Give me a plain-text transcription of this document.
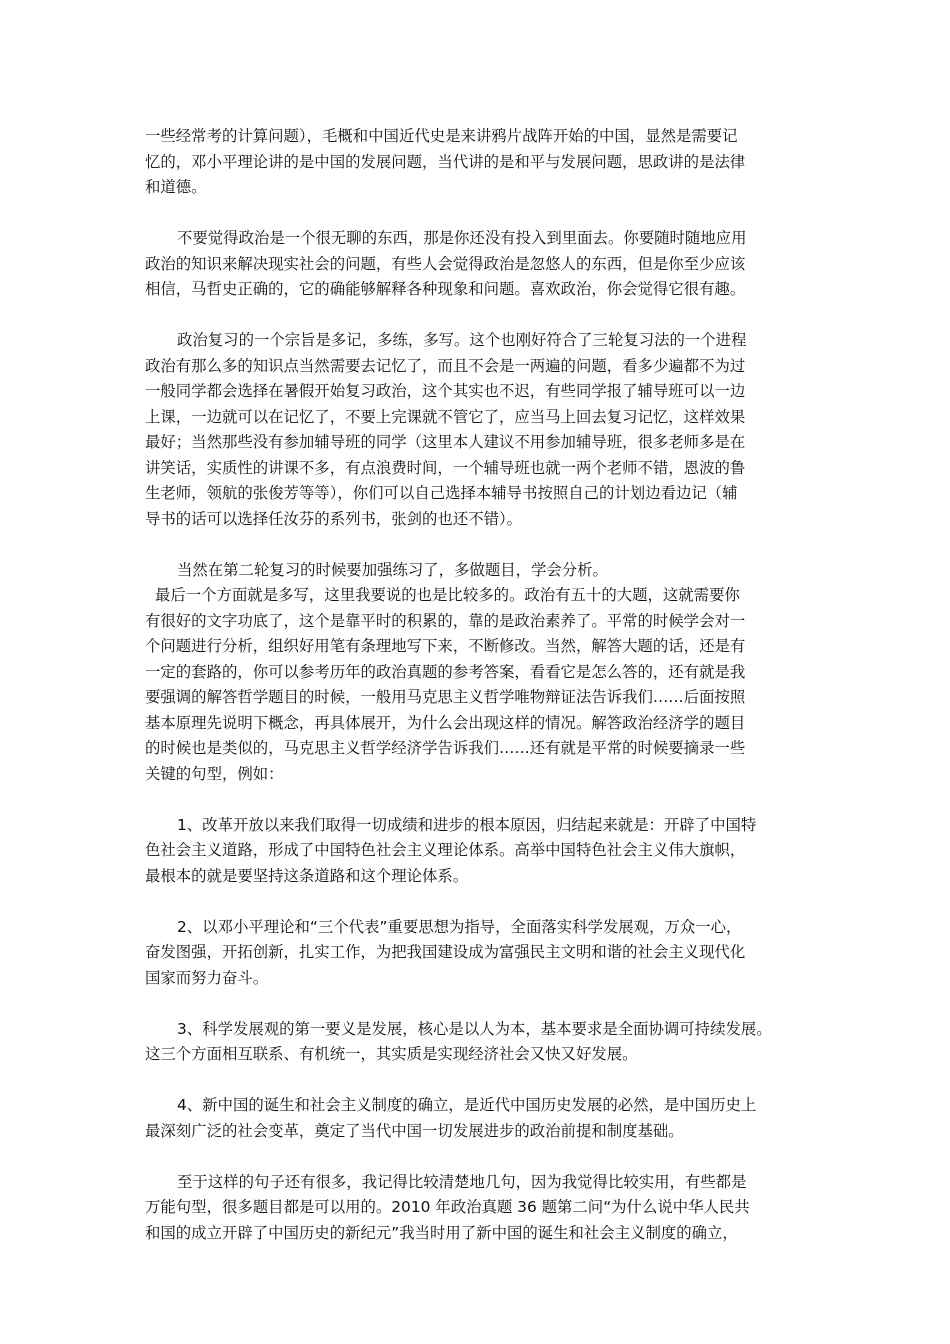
一些经常考的计算问题），毛概和中国近代史是来讲鸦片战阵开始的中国，显然是需要记
忆的，邓小平理论讲的是中国的发展问题，当代讲的是和平与发展问题，思政讲的是法律
和道德。
不要觉得政治是一个很无聊的东西，那是你还没有投入到里面去。你要随时随地应用
政治的知识来解决现实社会的问题，有些人会觉得政治是忽悠人的东西，但是你至少应该
相信，马哲史正确的，它的确能够解释各种现象和问题。喜欢政治，你会觉得它很有趣。
政治复习的一个宗旨是多记，多练，多写。这个也刚好符合了三轮复习法的一个进程
政治有那么多的知识点当然需要去记忆了，而且不会是一两遍的问题，看多少遍都不为过
一般同学都会选择在暑假开始复习政治，这个其实也不迟，有些同学报了辅导班可以一边
上课，一边就可以在记忆了，不要上完课就不管它了，应当马上回去复习记忆，这样效果
最好；当然那些没有参加辅导班的同学（这里本人建议不用参加辅导班，很多老师多是在
讲笑话，实质性的讲课不多，有点浪费时间，一个辅导班也就一两个老师不错，恩波的鲁
生老师，领航的张俊芳等等），你们可以自己选择本辅导书按照自己的计划边看边记（辅
导书的话可以选择任汝芬的系列书，张剑的也还不错）。
当然在第二轮复习的时候要加强练习了，多做题目，学会分析。
最后一个方面就是多写，这里我要说的也是比较多的。政治有五十的大题，这就需要你
有很好的文字功底了，这个是靠平时的积累的，靠的是政治素养了。平常的时候学会对一
个问题进行分析，组织好用笔有条理地写下来，不断修改。当然，解答大题的话，还是有
一定的套路的，你可以参考历年的政治真题的参考答案，看看它是怎么答的，还有就是我
要强调的解答哲学题目的时候，一般用马克思主义哲学唯物辩证法告诉我们……后面按照
基本原理先说明下概念，再具体展开，为什么会出现这样的情况。解答政治经济学的题目
的时候也是类似的，马克思主义哲学经济学告诉我们……还有就是平常的时候要摘录一些
关键的句型，例如：
1、改革开放以来我们取得一切成绩和进步的根本原因，归结起来就是：开辟了中国特
色社会主义道路，形成了中国特色社会主义理论体系。高举中国特色社会主义伟大旗帜，
最根本的就是要坚持这条道路和这个理论体系。
2、以邓小平理论和“三个代表”重要思想为指导，全面落实科学发展观，万众一心，
奋发图强，开拓创新，扎实工作，为把我国建设成为富强民主文明和谐的社会主义现代化
国家而努力奋斗。
3、科学发展观的第一要义是发展，核心是以人为本，基本要求是全面协调可持续发展。
这三个方面相互联系、有机统一，其实质是实现经济社会又快又好发展。
4、新中国的诞生和社会主义制度的确立，是近代中国历史发展的必然，是中国历史上
最深刻广泛的社会变革，奠定了当代中国一切发展进步的政治前提和制度基础。
至于这样的句子还有很多，我记得比较清楚地几句，因为我觉得比较实用，有些都是
万能句型，很多题目都是可以用的。2010 年政治真题 36 题第二问“为什么说中华人民共
和国的成立开辟了中国历史的新纪元”我当时用了新中国的诞生和社会主义制度的确立，
